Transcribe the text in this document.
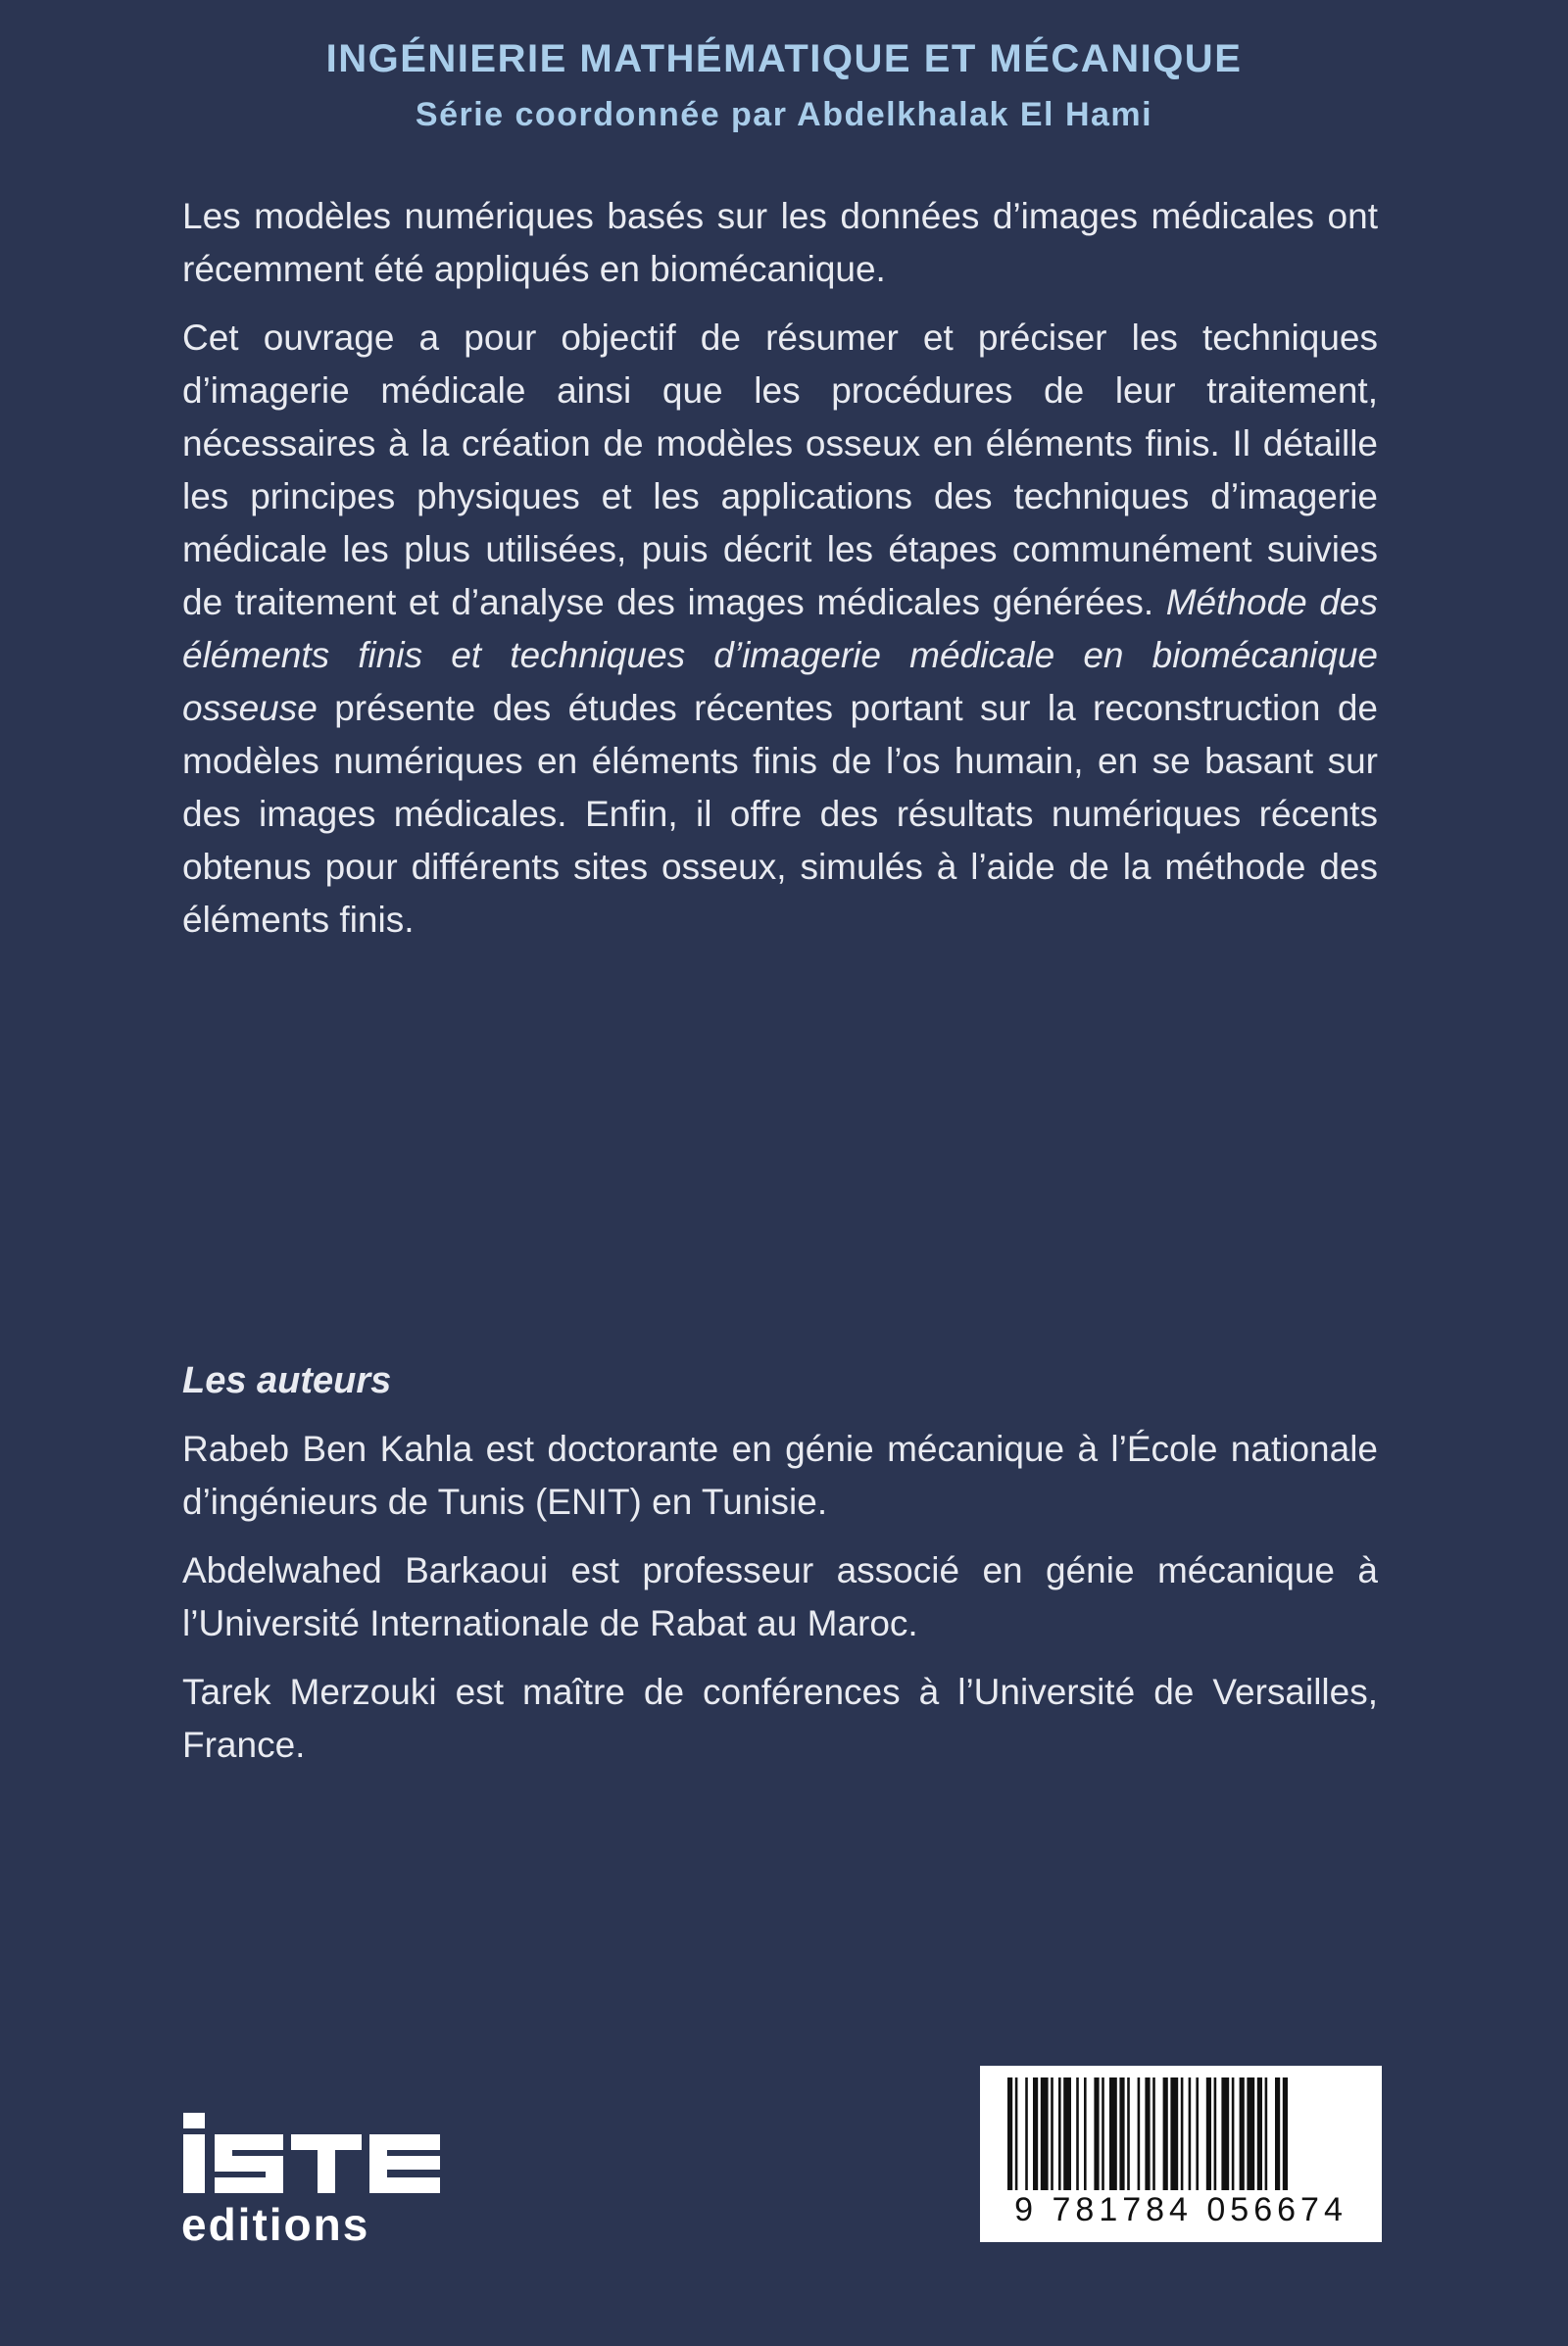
INGÉNIERIE MATHÉMATIQUE ET MÉCANIQUE
Série coordonnée par Abdelkhalak El Hami

Les modèles numériques basés sur les données d’images médicales ont récemment été appliqués en biomécanique.

Cet ouvrage a pour objectif de résumer et préciser les techniques d’imagerie médicale ainsi que les procédures de leur traitement, nécessaires à la création de modèles osseux en éléments finis. Il détaille les principes physiques et les applications des techniques d’imagerie médicale les plus utilisées, puis décrit les étapes communément suivies de traitement et d’analyse des images médicales générées. Méthode des éléments finis et techniques d’imagerie médicale en biomécanique osseuse présente des études récentes portant sur la reconstruction de modèles numériques en éléments finis de l’os humain, en se basant sur des images médicales. Enfin, il offre des résultats numériques récents obtenus pour différents sites osseux, simulés à l’aide de la méthode des éléments finis.

Les auteurs

Rabeb Ben Kahla est doctorante en génie mécanique à l’École nationale d’ingénieurs de Tunis (ENIT) en Tunisie.

Abdelwahed Barkaoui est professeur associé en génie mécanique à l’Université Internationale de Rabat au Maroc.

Tarek Merzouki est maître de conférences à l’Université de Versailles, France.

editions	9 781784 056674
